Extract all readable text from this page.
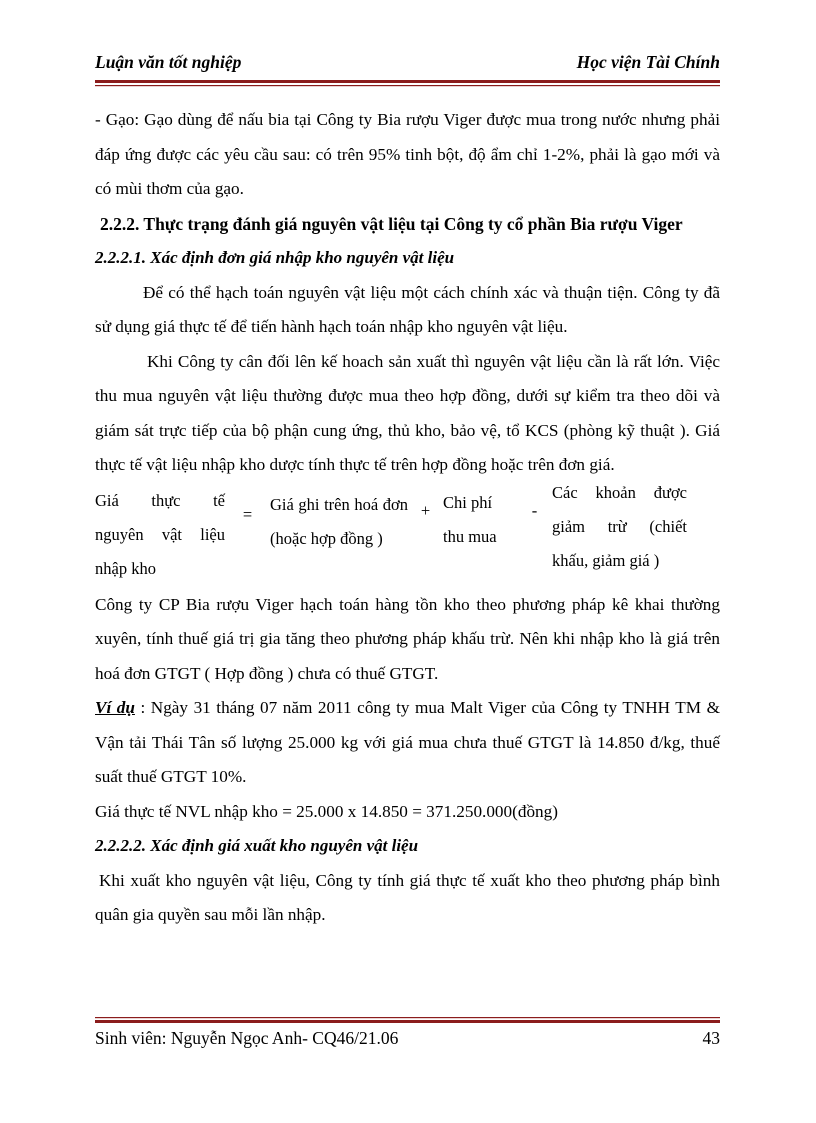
Luận văn tốt nghiệp	Học viện Tài Chính

- Gạo: Gạo dùng để nấu bia tại Công ty Bia rượu Viger được mua trong nước nhưng phải đáp ứng được các yêu cầu sau: có trên 95% tinh bột, độ ẩm chỉ 1-2%, phải là gạo mới và có mùi thơm của gạo.

2.2.2. Thực trạng đánh giá nguyên vật liệu tại Công ty cổ phần Bia rượu Viger

2.2.2.1. Xác định đơn giá nhập kho nguyên vật liệu

Để có thể hạch toán nguyên vật liệu một cách chính xác và thuận tiện. Công ty đã sử dụng giá thực tế để tiến hành hạch toán nhập kho nguyên vật liệu.

Khi Công ty cân đối lên kế hoach sản xuất thì nguyên vật liệu cần là rất lớn. Việc thu mua nguyên vật liệu thường được mua theo hợp đồng, dưới sự kiểm tra theo dõi và giám sát trực tiếp của bộ phận cung ứng, thủ kho, bảo vệ, tổ KCS (phòng kỹ thuật ). Giá thực tế vật liệu nhập kho dược tính thực tế trên hợp đồng hoặc trên đơn giá.

Giá thực tế
nguyên vật liệu
nhập kho
=
Giá ghi trên hoá đơn (hoặc hợp đồng )
+ Chi phí
thu mua
-
Các khoản được giảm trừ (chiết khấu, giảm giá )

Công ty CP Bia rượu Viger hạch toán hàng tồn kho theo phương pháp kê khai thường xuyên, tính thuế giá trị gia tăng theo phương pháp khấu trừ. Nên khi nhập kho là giá trên hoá đơn GTGT ( Hợp đồng ) chưa có thuế GTGT.

Ví dụ : Ngày 31 tháng 07 năm 2011 công ty mua Malt Viger của Công ty TNHH TM & Vận tải Thái Tân số lượng 25.000 kg với giá mua chưa thuế GTGT là 14.850 đ/kg, thuế suất thuế GTGT 10%.

Giá thực tế NVL nhập kho = 25.000 x 14.850 = 371.250.000(đồng)

2.2.2.2. Xác định giá xuất kho nguyên vật liệu

Khi xuất kho nguyên vật liệu, Công ty tính giá thực tế xuất kho theo phương pháp bình quân gia quyền sau mỗi lần nhập.

Sinh viên: Nguyễn Ngọc Anh- CQ46/21.06	43
